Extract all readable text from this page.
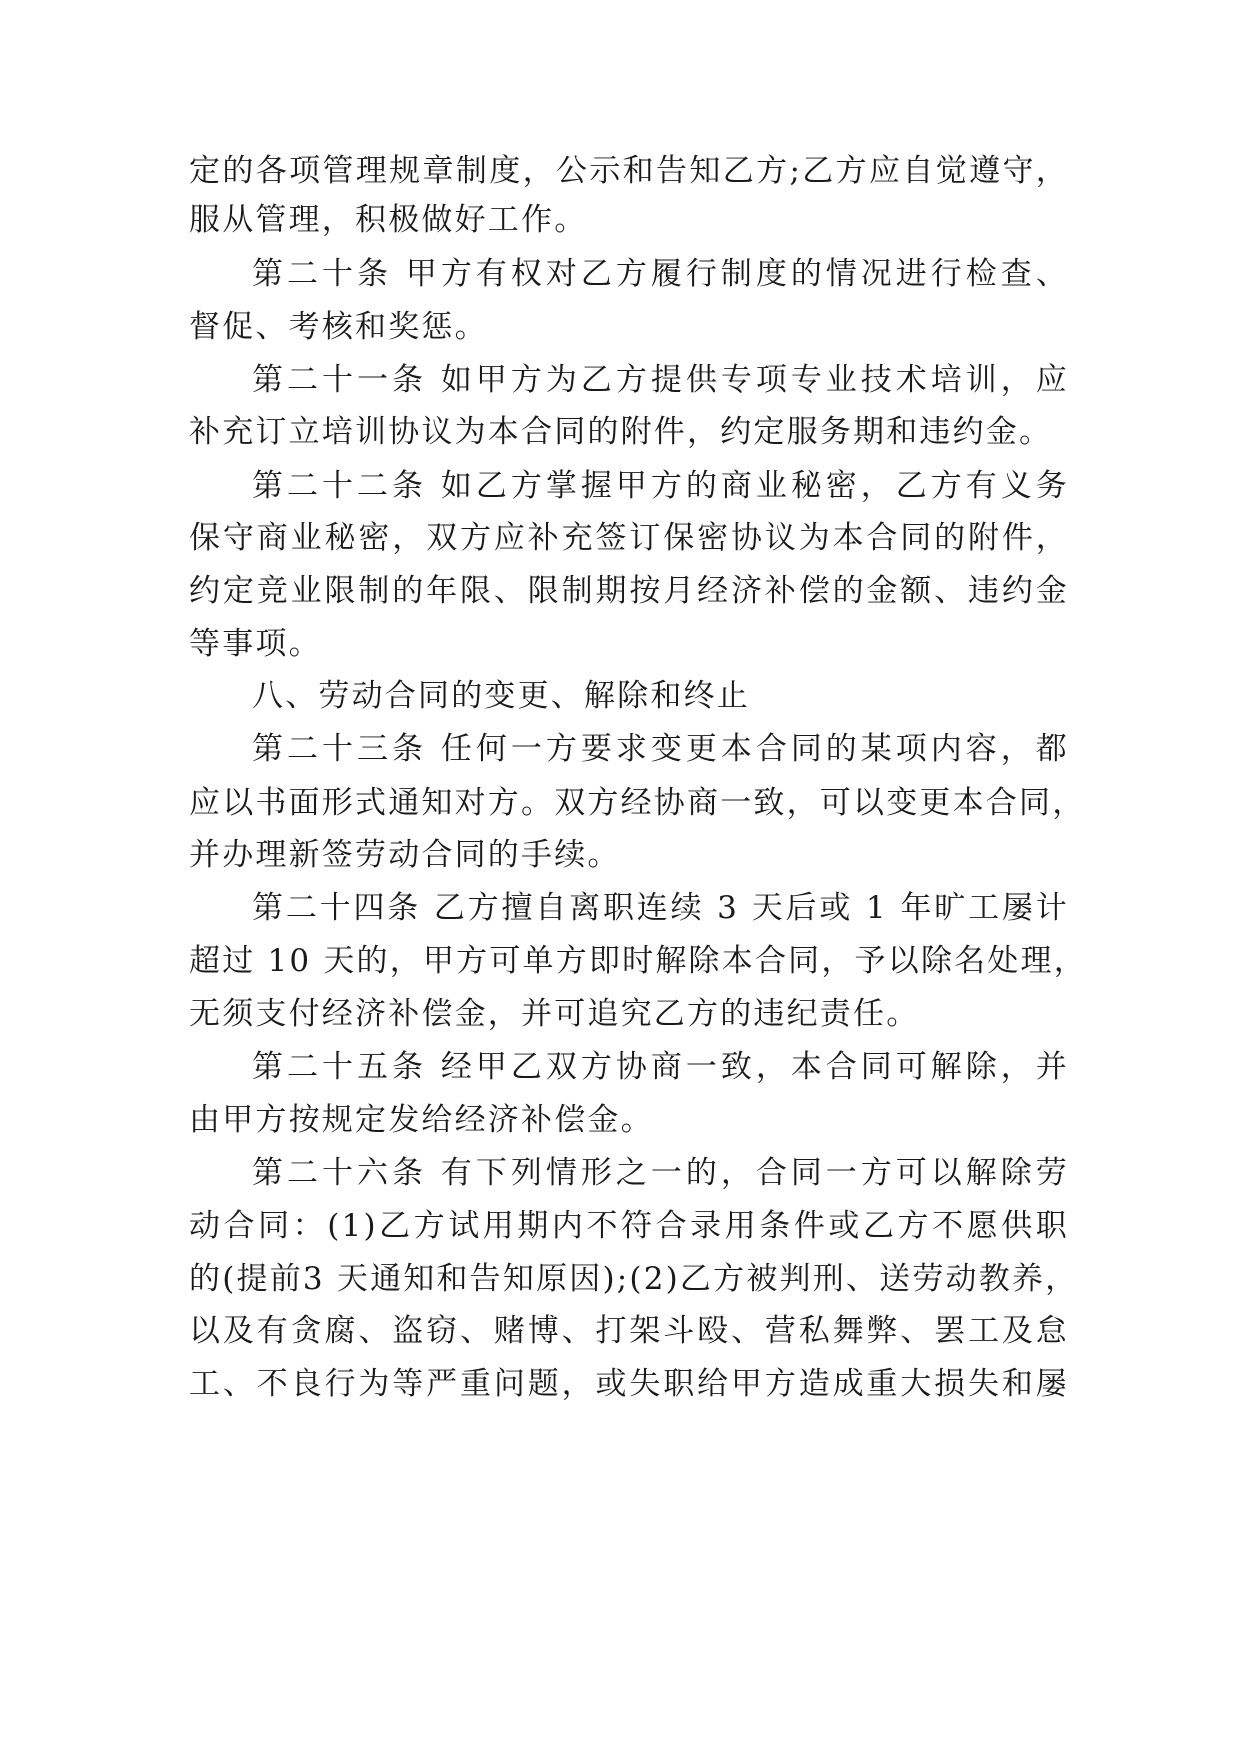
定的各项管理规章制度，公示和告知乙方;乙方应自觉遵守，
服从管理，积极做好工作。
第二十条 甲方有权对乙方履行制度的情况进行检查、
督促、考核和奖惩。
第二十一条 如甲方为乙方提供专项专业技术培训，应
补充订立培训协议为本合同的附件，约定服务期和违约金。
第二十二条 如乙方掌握甲方的商业秘密，乙方有义务
保守商业秘密，双方应补充签订保密协议为本合同的附件，
约定竞业限制的年限、限制期按月经济补偿的金额、违约金
等事项。
八、劳动合同的变更、解除和终止
第二十三条 任何一方要求变更本合同的某项内容，都
应以书面形式通知对方。双方经协商一致，可以变更本合同，
并办理新签劳动合同的手续。
第二十四条 乙方擅自离职连续 3 天后或 1 年旷工屡计
超过 10 天的，甲方可单方即时解除本合同，予以除名处理，
无须支付经济补偿金，并可追究乙方的违纪责任。
第二十五条 经甲乙双方协商一致，本合同可解除，并
由甲方按规定发给经济补偿金。
第二十六条 有下列情形之一的，合同一方可以解除劳
动合同：(1)乙方试用期内不符合录用条件或乙方不愿供职
的(提前3 天通知和告知原因);(2)乙方被判刑、送劳动教养，
以及有贪腐、盗窃、赌博、打架斗殴、营私舞弊、罢工及怠
工、不良行为等严重问题，或失职给甲方造成重大损失和屡
